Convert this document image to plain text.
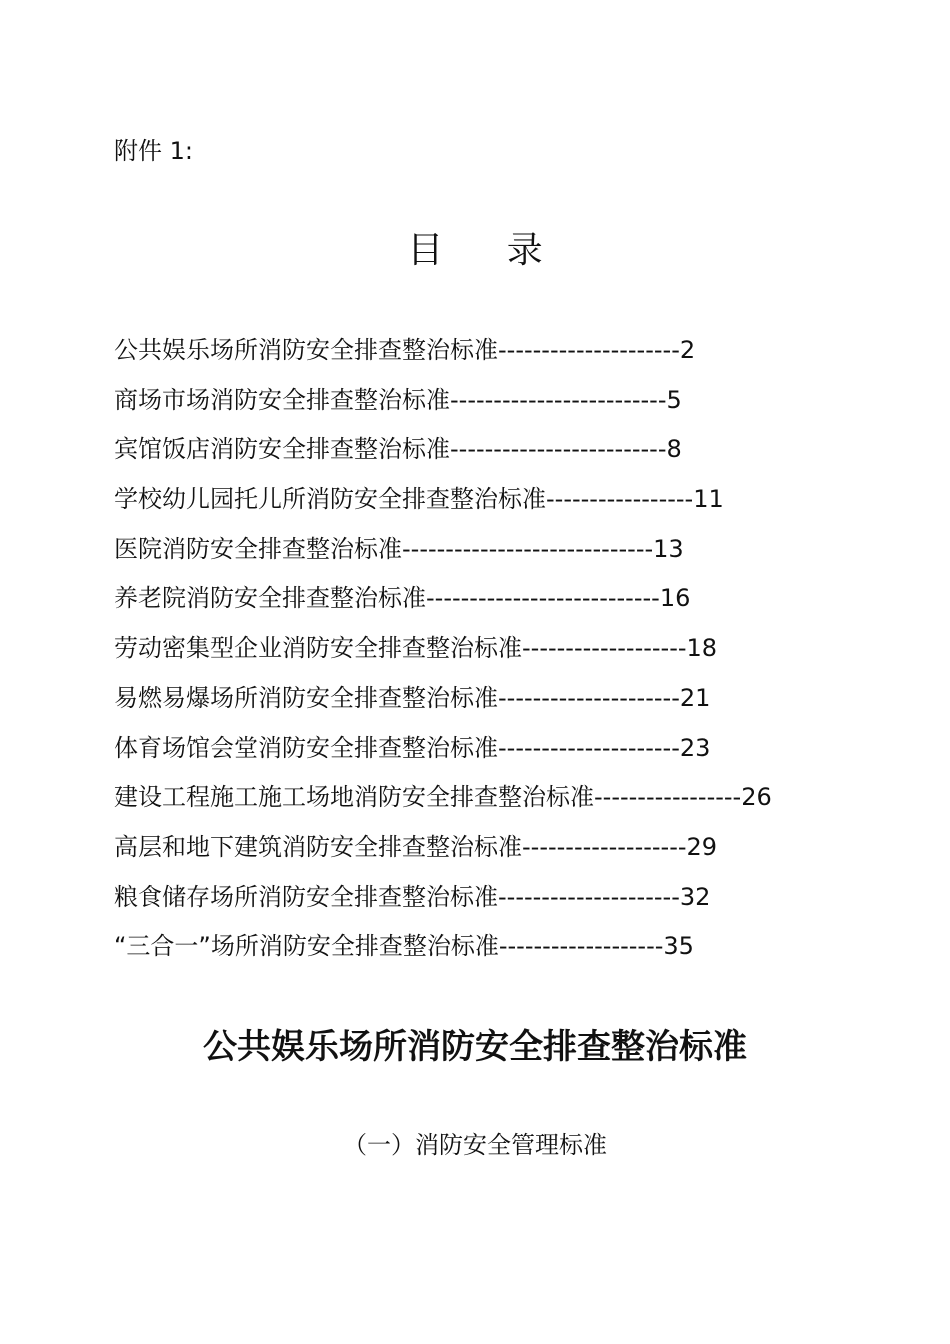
附件 1:
目 录
公共娱乐场所消防安全排查整治标准---------------------2
商场市场消防安全排查整治标准-------------------------5
宾馆饭店消防安全排查整治标准-------------------------8
学校幼儿园托儿所消防安全排查整治标准-----------------11
医院消防安全排查整治标准-----------------------------13
养老院消防安全排查整治标准---------------------------16
劳动密集型企业消防安全排查整治标准-------------------18
易燃易爆场所消防安全排查整治标准---------------------21
体育场馆会堂消防安全排查整治标准---------------------23
建设工程施工施工场地消防安全排查整治标准-----------------26
高层和地下建筑消防安全排查整治标准-------------------29
粮食储存场所消防安全排查整治标准---------------------32
“三合一”场所消防安全排查整治标准-------------------35
公共娱乐场所消防安全排查整治标准
（一）消防安全管理标准
